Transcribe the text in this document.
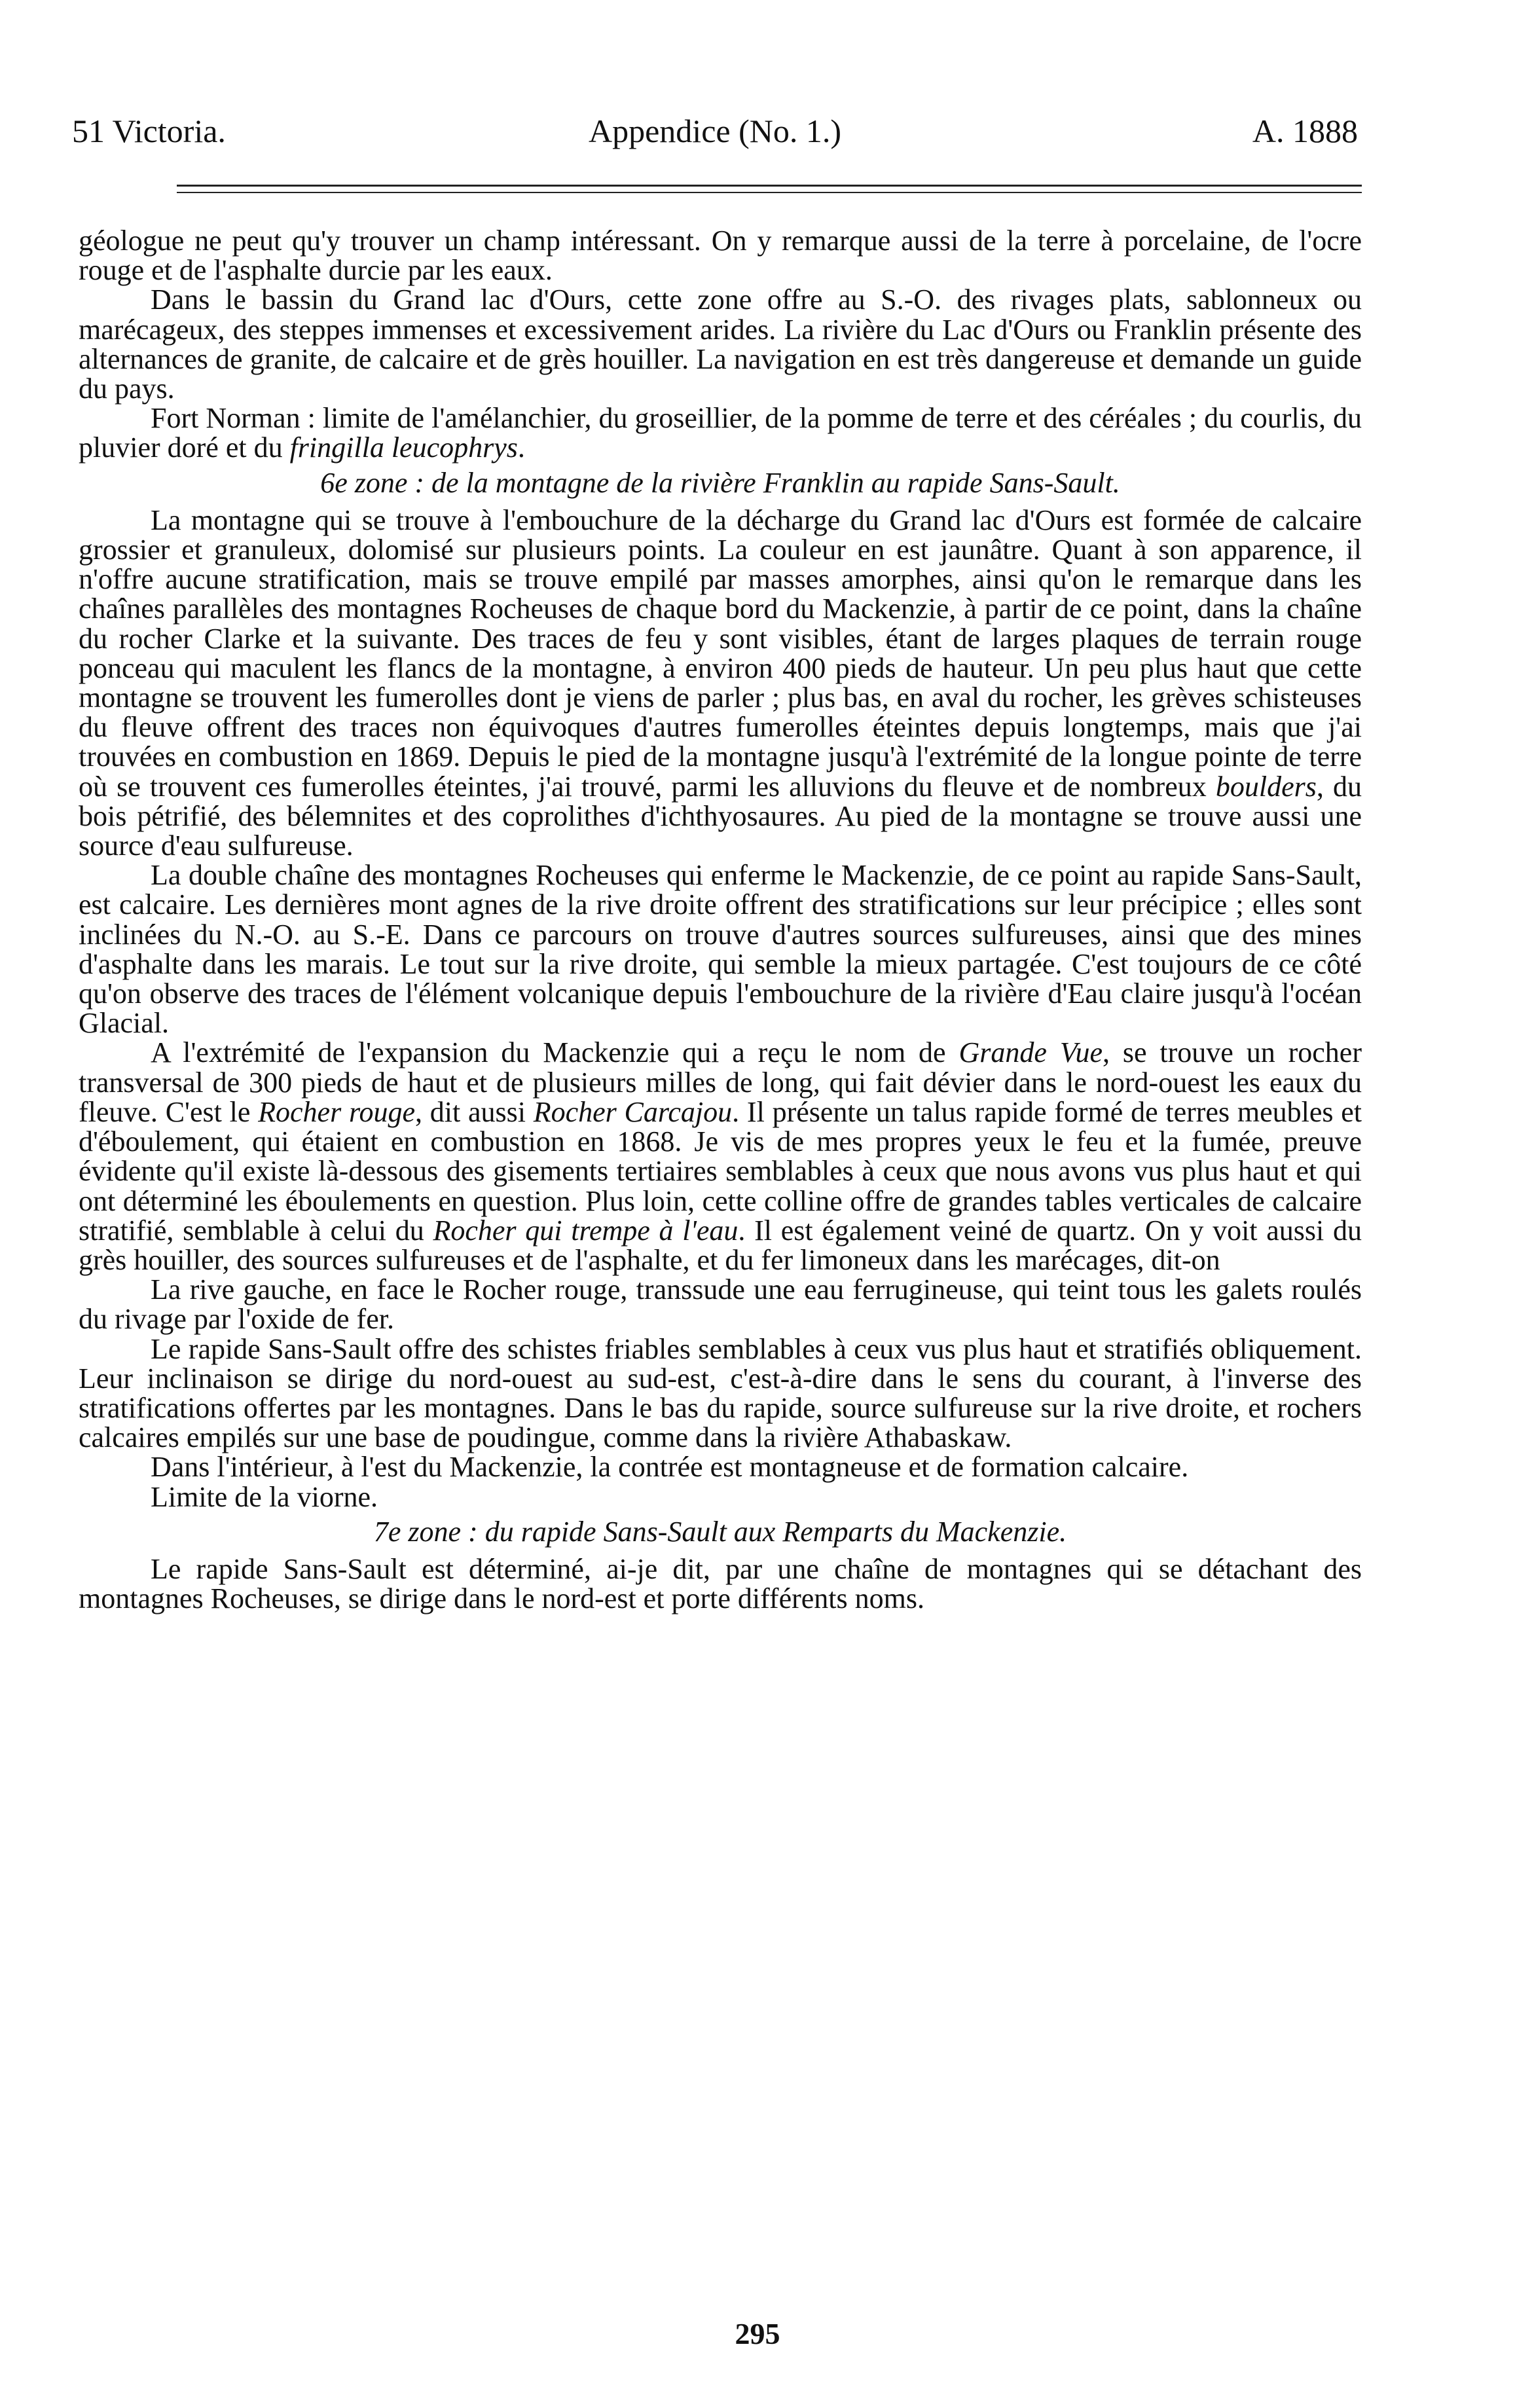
51 Victoria.	Appendice (No. 1.)	A. 1888

géologue ne peut qu'y trouver un champ intéressant. On y remarque aussi de la terre à porcelaine, de l'ocre rouge et de l'asphalte durcie par les eaux.

Dans le bassin du Grand lac d'Ours, cette zone offre au S.-O. des rivages plats, sablonneux ou marécageux, des steppes immenses et excessivement arides. La rivière du Lac d'Ours ou Franklin présente des alternances de granite, de calcaire et de grès houiller. La navigation en est très dangereuse et demande un guide du pays.

Fort Norman : limite de l'amélanchier, du groseillier, de la pomme de terre et des céréales ; du courlis, du pluvier doré et du fringilla leucophrys.

6e zone : de la montagne de la rivière Franklin au rapide Sans-Sault.

La montagne qui se trouve à l'embouchure de la décharge du Grand lac d'Ours est formée de calcaire grossier et granuleux, dolomisé sur plusieurs points. La couleur en est jaunâtre. Quant à son apparence, il n'offre aucune stratification, mais se trouve empilé par masses amorphes, ainsi qu'on le remarque dans les chaînes parallèles des montagnes Rocheuses de chaque bord du Mackenzie, à partir de ce point, dans la chaîne du rocher Clarke et la suivante. Des traces de feu y sont visibles, étant de larges plaques de terrain rouge ponceau qui maculent les flancs de la montagne, à environ 400 pieds de hauteur. Un peu plus haut que cette montagne se trouvent les fumerolles dont je viens de parler ; plus bas, en aval du rocher, les grèves schisteuses du fleuve offrent des traces non équivoques d'autres fumerolles éteintes depuis longtemps, mais que j'ai trouvées en combustion en 1869. Depuis le pied de la montagne jusqu'à l'extrémité de la longue pointe de terre où se trouvent ces fumerolles éteintes, j'ai trouvé, parmi les alluvions du fleuve et de nombreux boulders, du bois pétrifié, des bélemnites et des coprolithes d'ichthyosaures. Au pied de la montagne se trouve aussi une source d'eau sulfureuse.

La double chaîne des montagnes Rocheuses qui enferme le Mackenzie, de ce point au rapide Sans-Sault, est calcaire. Les dernières mont agnes de la rive droite offrent des stratifications sur leur précipice ; elles sont inclinées du N.-O. au S.-E. Dans ce parcours on trouve d'autres sources sulfureuses, ainsi que des mines d'asphalte dans les marais. Le tout sur la rive droite, qui semble la mieux partagée. C'est toujours de ce côté qu'on observe des traces de l'élément volcanique depuis l'embouchure de la rivière d'Eau claire jusqu'à l'océan Glacial.

A l'extrémité de l'expansion du Mackenzie qui a reçu le nom de Grande Vue, se trouve un rocher transversal de 300 pieds de haut et de plusieurs milles de long, qui fait dévier dans le nord-ouest les eaux du fleuve. C'est le Rocher rouge, dit aussi Rocher Carcajou. Il présente un talus rapide formé de terres meubles et d'éboulement, qui étaient en combustion en 1868. Je vis de mes propres yeux le feu et la fumée, preuve évidente qu'il existe là-dessous des gisements tertiaires semblables à ceux que nous avons vus plus haut et qui ont déterminé les éboulements en question. Plus loin, cette colline offre de grandes tables verticales de calcaire stratifié, semblable à celui du Rocher qui trempe à l'eau. Il est également veiné de quartz. On y voit aussi du grès houiller, des sources sulfureuses et de l'asphalte, et du fer limoneux dans les marécages, dit-on

La rive gauche, en face le Rocher rouge, transsude une eau ferrugineuse, qui teint tous les galets roulés du rivage par l'oxide de fer.

Le rapide Sans-Sault offre des schistes friables semblables à ceux vus plus haut et stratifiés obliquement. Leur inclinaison se dirige du nord-ouest au sud-est, c'est-à-dire dans le sens du courant, à l'inverse des stratifications offertes par les montagnes. Dans le bas du rapide, source sulfureuse sur la rive droite, et rochers calcaires empilés sur une base de poudingue, comme dans la rivière Athabaskaw.

Dans l'intérieur, à l'est du Mackenzie, la contrée est montagneuse et de formation calcaire.

Limite de la viorne.

7e zone : du rapide Sans-Sault aux Remparts du Mackenzie.

Le rapide Sans-Sault est déterminé, ai-je dit, par une chaîne de montagnes qui se détachant des montagnes Rocheuses, se dirige dans le nord-est et porte différents noms.

295
